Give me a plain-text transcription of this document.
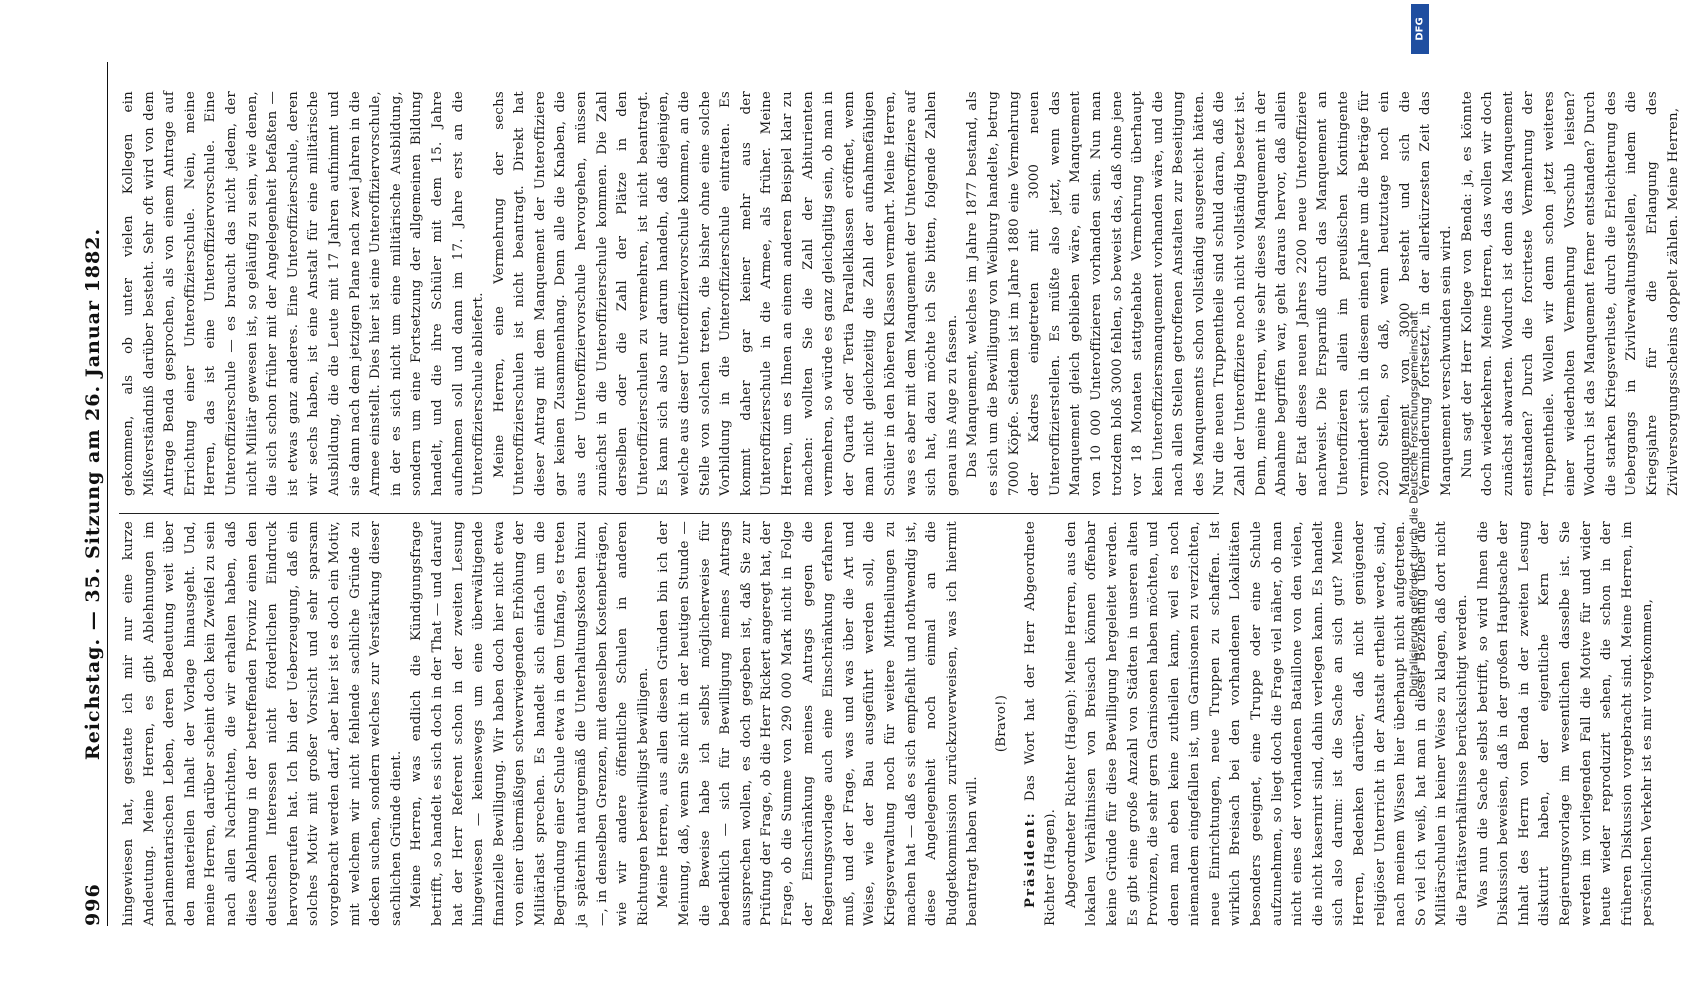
996
Reichstag. — 35. Sitzung am 26. Januar 1882. hingewiesen hat, gestatte ich mir nur eine kurze Andeutung. Meine Herren, es gibt Ablehnungen im parlamentarischen Leben, deren Bedeutung weit über den materiellen Inhalt der Vorlage hinausgeht. Und, meine Herren, darüber scheint doch kein Zweifel zu sein nach allen Nachrichten, die wir erhalten haben, daß diese Ablehnung in der betreffenden Provinz einen den deutschen Interessen nicht förderlichen Eindruck hervorgerufen hat. Ich bin der Ueberzeugung, daß ein solches Motiv mit großer Vorsicht und sehr sparsam vorgebracht werden darf, aber hier ist es doch ein Motiv, mit welchem wir nicht fehlende sachliche Gründe zu decken suchen, sondern welches zur Verstärkung dieser sachlichen Gründe dient. Meine Herren, was endlich die Kündigungsfrage betrifft, so handelt es sich doch in der That — und darauf hat der Herr Referent schon in der zweiten Lesung hingewiesen — keineswegs um eine überwältigende finanzielle Bewilligung. Wir haben doch hier nicht etwa von einer übermäßigen schwerwiegenden Erhöhung der Militärlast sprechen. Es handelt sich einfach um die Begründung einer Schule etwa in dem Umfang, es treten ja späterhin naturgemäß die Unterhaltungskosten hinzu —, in denselben Grenzen, mit denselben Kostenbeträgen, wie wir andere öffentliche Schulen in anderen Richtungen bereitwilligst bewilligen. Meine Herren, aus allen diesen Gründen bin ich der Meinung, daß, wenn Sie nicht in der heutigen Stunde — die Beweise habe ich selbst möglicherweise für bedenklich — sich für Bewilligung meines Antrags aussprechen wollen, es doch gegeben ist, daß Sie zur Prüfung der Frage, ob die Herr Rickert angeregt hat, der Frage, ob die Summe von 290 000 Mark nicht in Folge der Einschränkung meines Antrags gegen die Regierungsvorlage auch eine Einschränkung erfahren muß, und der Frage, was und was über die Art und Weise, wie der Bau ausgeführt werden soll, die Kriegsverwaltung noch für weitere Mittheilungen zu machen hat — daß es sich empfiehlt und nothwendig ist, diese Angelegenheit noch einmal an die Budgetkommission zurückzuverweisen, was ich hiermit beantragt haben will.

(Bravo!)

Präsident: Das Wort hat der Herr Abgeordnete Richter (Hagen). Abgeordneter Richter (Hagen): Meine Herren, aus den lokalen Verhältnissen von Breisach können offenbar keine Gründe für diese Bewilligung hergeleitet werden. Es gibt eine große Anzahl von Städten in unseren alten Provinzen, die sehr gern Garnisonen haben möchten, und denen man eben keine zutheilen kann, weil es noch niemandem eingefallen ist, um Garnisonen zu verzichten, neue Einrichtungen, neue Truppen zu schaffen. Ist wirklich Breisach bei den vorhandenen Lokalitäten besonders geeignet, eine Truppe oder eine Schule aufzunehmen, so liegt doch die Frage viel näher, ob man nicht eines der vorhandenen Bataillone von den vielen, die nicht kasernirt sind, dahin verlegen kann. Es handelt sich also darum: ist die Sache an sich gut? Meine Herren, Bedenken darüber, daß nicht genügender religiöser Unterricht in der Anstalt ertheilt werde, sind, nach meinem Wissen hier überhaupt nicht aufgetreten. So viel ich weiß, hat man in dieser Beziehung über die Militärschulen in keiner Weise zu klagen, daß dort nicht die Paritätsverhältnisse berücksichtigt werden. Was nun die Sache selbst betrifft, so wird Ihnen die Diskussion beweisen, daß in der großen Hauptsache der Inhalt des Herrn von Benda in der zweiten Lesung diskutirt haben, der eigentliche Kern der Regierungsvorlage im wesentlichen dasselbe ist. Sie werden im vorliegenden Fall die Motive für und wider heute wieder reproduzirt sehen, die schon in der früheren Diskussion vorgebracht sind. Meine Herren, im persönlichen Verkehr ist es mir vorgekommen,

gekommen, als ob unter vielen Kollegen ein Mißverständniß darüber besteht. Sehr oft wird von dem Antrage Benda gesprochen, als von einem Antrage auf Errichtung einer Unteroffizierschule. Nein, meine Herren, das ist eine Unteroffiziervorschule. Eine Unteroffizierschule — es braucht das nicht jedem, der nicht Militär gewesen ist, so geläufig zu sein, wie denen, die sich schon früher mit der Angelegenheit befaßten — ist etwas ganz anderes. Eine Unteroffizierschule, deren wir sechs haben, ist eine Anstalt für eine militärische Ausbildung, die die Leute mit 17 Jahren aufnimmt und sie dann nach dem jetzigen Plane nach zwei Jahren in die Armee einstellt. Dies hier ist eine Unteroffiziervorschule, in der es sich nicht um eine militärische Ausbildung, sondern um eine Fortsetzung der allgemeinen Bildung handelt, und die ihre Schüler mit dem 15. Jahre aufnehmen soll und dann im 17. Jahre erst an die Unteroffizierschule abliefert. Meine Herren, eine Vermehrung der sechs Unteroffizierschulen ist nicht beantragt. Direkt hat dieser Antrag mit dem Manquement der Unteroffiziere gar keinen Zusammenhang. Denn alle die Knaben, die aus der Unteroffiziervorschule hervorgehen, müssen zunächst in die Unteroffizierschule kommen. Die Zahl derselben oder die Zahl der Plätze in den Unteroffizierschulen zu vermehren, ist nicht beantragt. Es kann sich also nur darum handeln, daß diejenigen, welche aus dieser Unteroffiziervorschule kommen, an die Stelle von solchen treten, die bisher ohne eine solche Vorbildung in die Unteroffizierschule eintraten. Es kommt daher gar keiner mehr aus der Unteroffizierschule in die Armee, als früher. Meine Herren, um es Ihnen an einem anderen Beispiel klar zu machen: wollten Sie die Zahl der Abiturienten vermehren, so würde es ganz gleichgiltig sein, ob man in der Quarta oder Tertia Parallelklassen eröffnet, wenn man nicht gleichzeitig die Zahl der aufnahmefähigen Schüler in den höheren Klassen vermehrt. Meine Herren, was es aber mit dem Manquement der Unteroffiziere auf sich hat, dazu möchte ich Sie bitten, folgende Zahlen genau ins Auge zu fassen. Das Manquement, welches im Jahre 1877 bestand, als es sich um die Bewilligung von Weilburg handelte, betrug 7000 Köpfe. Seitdem ist im Jahre 1880 eine Vermehrung der Kadres eingetreten mit 3000 neuen Unteroffizierstellen. Es müßte also jetzt, wenn das Manquement gleich geblieben wäre, ein Manquement von 10 000 Unteroffizieren vorhanden sein. Nun man trotzdem bloß 3000 fehlen, so beweist das, daß ohne jene vor 18 Monaten stattgehabte Vermehrung überhaupt kein Unteroffiziersmanquement vorhanden wäre, und die nach allen Stellen getroffenen Anstalten zur Beseitigung des Manquements schon vollständig ausgereicht hätten. Nur die neuen Truppentheile sind schuld daran, daß die Zahl der Unteroffiziere noch nicht vollständig besetzt ist. Denn, meine Herren, wie sehr dieses Manquement in der Abnahme begriffen war, geht daraus hervor, daß allein der Etat dieses neuen Jahres 2200 neue Unteroffiziere nachweist. Die Ersparniß durch das Manquement an Unteroffizieren allein im preußischen Kontingente vermindert sich in diesem einen Jahre um die Beträge für 2200 Stellen, so daß, wenn heutzutage noch ein Manquement von 3000 besteht und sich die Verminderung fortsetzt, in der allerkürzesten Zeit das Manquement verschwunden sein wird. Nun sagt der Herr Kollege von Benda: ja, es könnte doch wiederkehren. Meine Herren, das wollen wir doch zunächst abwarten. Wodurch ist denn das Manquement entstanden? Durch die forcirteste Vermehrung der Truppentheile. Wollen wir denn schon jetzt weiteres einer wiederholten Vermehrung Vorschub leisten? Wodurch ist das Manquement ferner entstanden? Durch die starken Kriegsverluste, durch die Erleichterung des Uebergangs in Zivilverwaltungsstellen, indem die Kriegsjahre für die Erlangung des Zivilversorgungsscheins doppelt zählen. Meine Herren,

Digitalisierung gefördert durch die Deutsche Forschungsgemeinschaft
DFG
